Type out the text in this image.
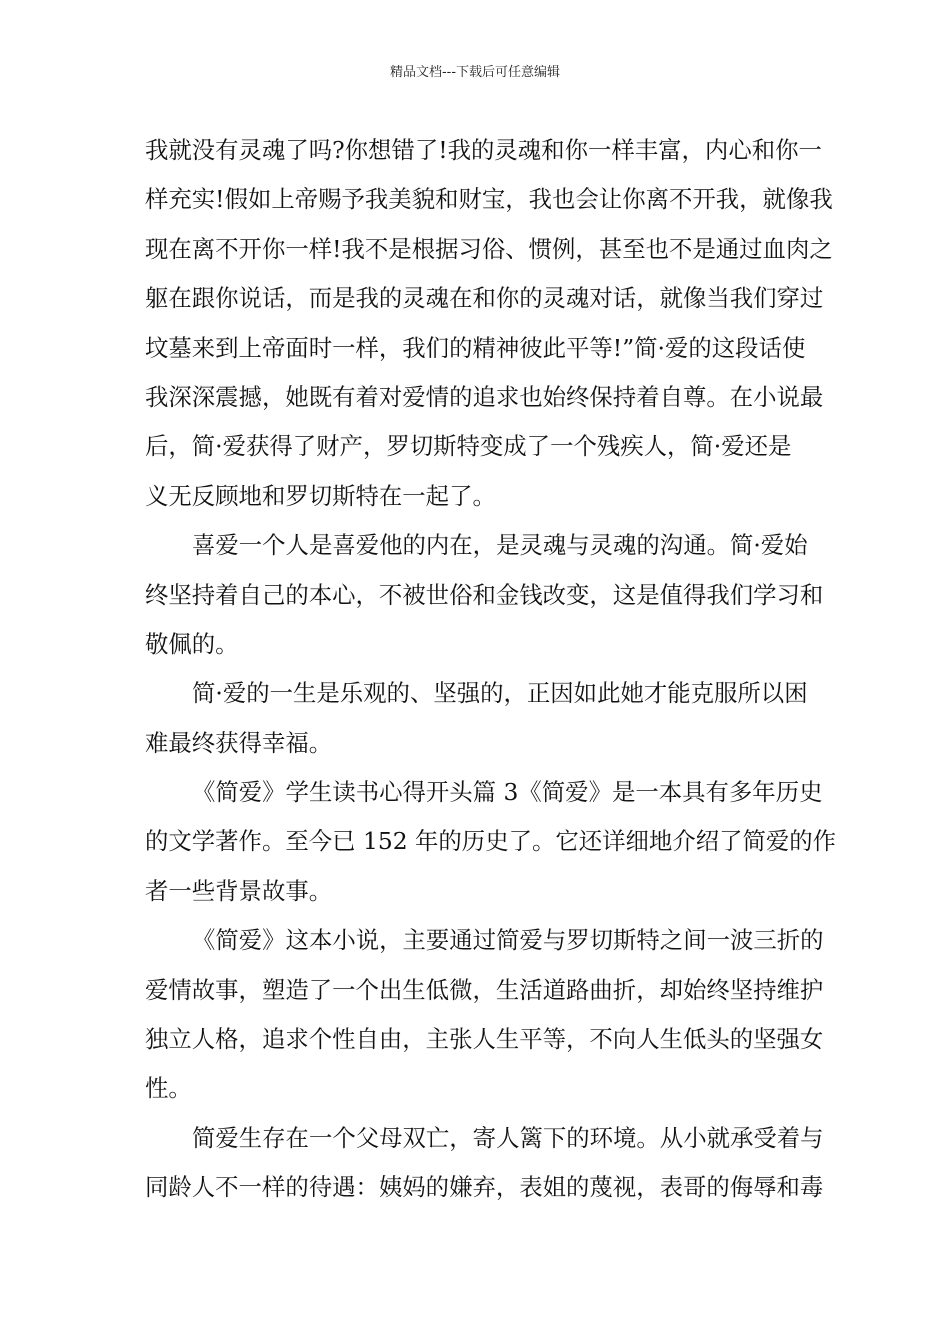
精品文档---下载后可任意编辑
我就没有灵魂了吗?你想错了!我的灵魂和你一样丰富，内心和你一
样充实!假如上帝赐予我美貌和财宝，我也会让你离不开我，就像我
现在离不开你一样!我不是根据习俗、惯例，甚至也不是通过血肉之
躯在跟你说话，而是我的灵魂在和你的灵魂对话，就像当我们穿过
坟墓来到上帝面时一样，我们的精神彼此平等!”简·爱的这段话使
我深深震撼，她既有着对爱情的追求也始终保持着自尊。在小说最
后，简·爱获得了财产，罗切斯特变成了一个残疾人，简·爱还是
义无反顾地和罗切斯特在一起了。
喜爱一个人是喜爱他的内在，是灵魂与灵魂的沟通。简·爱始
终坚持着自己的本心，不被世俗和金钱改变，这是值得我们学习和
敬佩的。
简·爱的一生是乐观的、坚强的，正因如此她才能克服所以困
难最终获得幸福。
《简爱》学生读书心得开头篇 3《简爱》是一本具有多年历史
的文学著作。至今已 152 年的历史了。它还详细地介绍了简爱的作
者一些背景故事。
《简爱》这本小说，主要通过简爱与罗切斯特之间一波三折的
爱情故事，塑造了一个出生低微，生活道路曲折，却始终坚持维护
独立人格，追求个性自由，主张人生平等，不向人生低头的坚强女
性。
简爱生存在一个父母双亡，寄人篱下的环境。从小就承受着与
同龄人不一样的待遇：姨妈的嫌弃，表姐的蔑视，表哥的侮辱和毒
